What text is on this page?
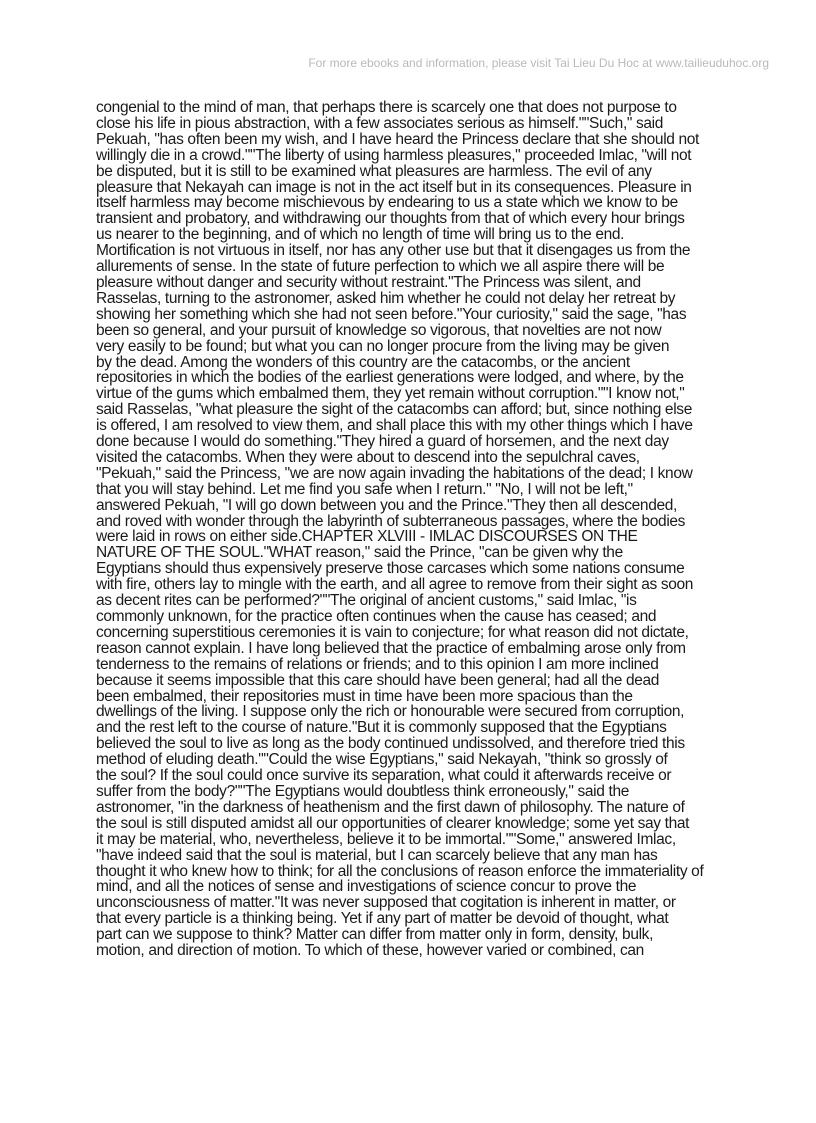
For more ebooks and information, please visit Tai Lieu Du Hoc at www.tailieuduhoc.org
congenial to the mind of man, that perhaps there is scarcely one that does not purpose to
close his life in pious abstraction, with a few associates serious as himself.""Such," said
Pekuah, "has often been my wish, and I have heard the Princess declare that she should not
willingly die in a crowd.""The liberty of using harmless pleasures," proceeded Imlac, "will not
be disputed, but it is still to be examined what pleasures are harmless. The evil of any
pleasure that Nekayah can image is not in the act itself but in its consequences. Pleasure in
itself harmless may become mischievous by endearing to us a state which we know to be
transient and probatory, and withdrawing our thoughts from that of which every hour brings
us nearer to the beginning, and of which no length of time will bring us to the end.
Mortification is not virtuous in itself, nor has any other use but that it disengages us from the
allurements of sense. In the state of future perfection to which we all aspire there will be
pleasure without danger and security without restraint."The Princess was silent, and
Rasselas, turning to the astronomer, asked him whether he could not delay her retreat by
showing her something which she had not seen before."Your curiosity," said the sage, "has
been so general, and your pursuit of knowledge so vigorous, that novelties are not now
very easily to be found; but what you can no longer procure from the living may be given
by the dead. Among the wonders of this country are the catacombs, or the ancient
repositories in which the bodies of the earliest generations were lodged, and where, by the
virtue of the gums which embalmed them, they yet remain without corruption.""I know not,"
said Rasselas, "what pleasure the sight of the catacombs can afford; but, since nothing else
is offered, I am resolved to view them, and shall place this with my other things which I have
done because I would do something."They hired a guard of horsemen, and the next day
visited the catacombs. When they were about to descend into the sepulchral caves,
"Pekuah," said the Princess, "we are now again invading the habitations of the dead; I know
that you will stay behind. Let me find you safe when I return." "No, I will not be left,"
answered Pekuah, "I will go down between you and the Prince."They then all descended,
and roved with wonder through the labyrinth of subterraneous passages, where the bodies
were laid in rows on either side.CHAPTER XLVIII - IMLAC DISCOURSES ON THE
NATURE OF THE SOUL."WHAT reason," said the Prince, "can be given why the
Egyptians should thus expensively preserve those carcases which some nations consume
with fire, others lay to mingle with the earth, and all agree to remove from their sight as soon
as decent rites can be performed?""The original of ancient customs," said Imlac, "is
commonly unknown, for the practice often continues when the cause has ceased; and
concerning superstitious ceremonies it is vain to conjecture; for what reason did not dictate,
reason cannot explain. I have long believed that the practice of embalming arose only from
tenderness to the remains of relations or friends; and to this opinion I am more inclined
because it seems impossible that this care should have been general; had all the dead
been embalmed, their repositories must in time have been more spacious than the
dwellings of the living. I suppose only the rich or honourable were secured from corruption,
and the rest left to the course of nature."But it is commonly supposed that the Egyptians
believed the soul to live as long as the body continued undissolved, and therefore tried this
method of eluding death.""Could the wise Egyptians," said Nekayah, "think so grossly of
the soul? If the soul could once survive its separation, what could it afterwards receive or
suffer from the body?""The Egyptians would doubtless think erroneously," said the
astronomer, "in the darkness of heathenism and the first dawn of philosophy. The nature of
the soul is still disputed amidst all our opportunities of clearer knowledge; some yet say that
it may be material, who, nevertheless, believe it to be immortal.""Some," answered Imlac,
"have indeed said that the soul is material, but I can scarcely believe that any man has
thought it who knew how to think; for all the conclusions of reason enforce the immateriality of
mind, and all the notices of sense and investigations of science concur to prove the
unconsciousness of matter."It was never supposed that cogitation is inherent in matter, or
that every particle is a thinking being. Yet if any part of matter be devoid of thought, what
part can we suppose to think? Matter can differ from matter only in form, density, bulk,
motion, and direction of motion. To which of these, however varied or combined, can
